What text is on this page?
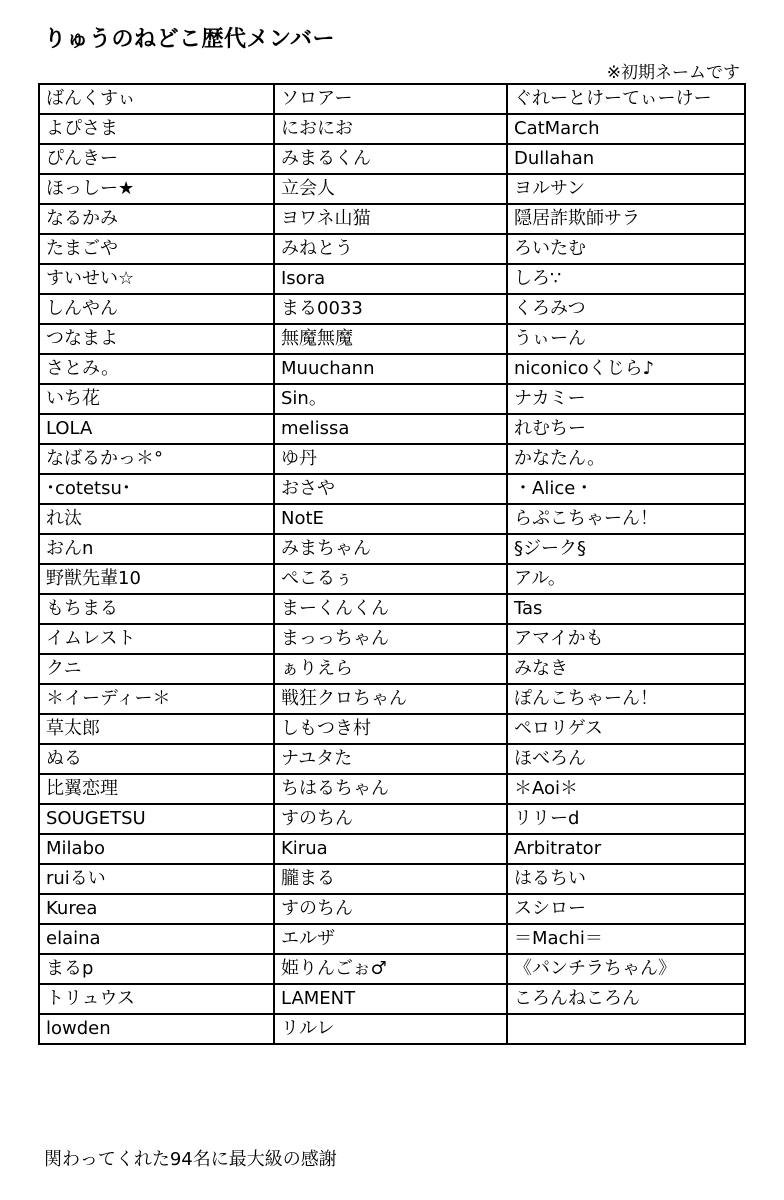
りゅうのねどこ歴代メンバー
※初期ネームです
ばんくすぃ	ソロアー	ぐれーとけーてぃーけー
よぴさま	におにお	CatMarch
ぴんきー	みまるくん	Dullahan
ほっしー★	立会人	ヨルサン
なるかみ	ヨワネ山猫	隠居詐欺師サラ
たまごや	みねとう	ろいたむ
すいせい☆	Isora	しろ∵
しんやん	まる0033	くろみつ
つなまよ	無魔無魔	うぃーん
さとみ。	Muuchann	niconicoくじら♪
いち花	Sin。	ナカミー
LOLA	melissa	れむちー
なばるかっ＊°	ゆ丹	かなたん。
･cotetsu･	おさや	・Alice・
れ汰	NotE	らぷこちゃーん！
おんn	みまちゃん	§ジーク§
野獣先輩10	ぺこるぅ	アル。
もちまる	まーくんくん	Tas
イムレスト	まっっちゃん	アマイかも
クニ	ぁりえら	みなき
＊イーディー＊	戦狂クロちゃん	ぽんこちゃーん！
草太郎	しもつき村	ペロリゲス
ぬる	ナユタた	ほべろん
比翼恋理	ちはるちゃん	＊Aoi＊
SOUGETSU	すのちん	リリーd
Milabo	Kirua	Arbitrator
ruiるい	朧まる	はるちい
Kurea	すのちん	スシロー
elaina	エルザ	＝Machi＝
まるp	姫りんごぉ♂	《パンチラちゃん》
トリュウス	LAMENT	ころんねころん
lowden	リルレ	
関わってくれた94名に最大級の感謝
